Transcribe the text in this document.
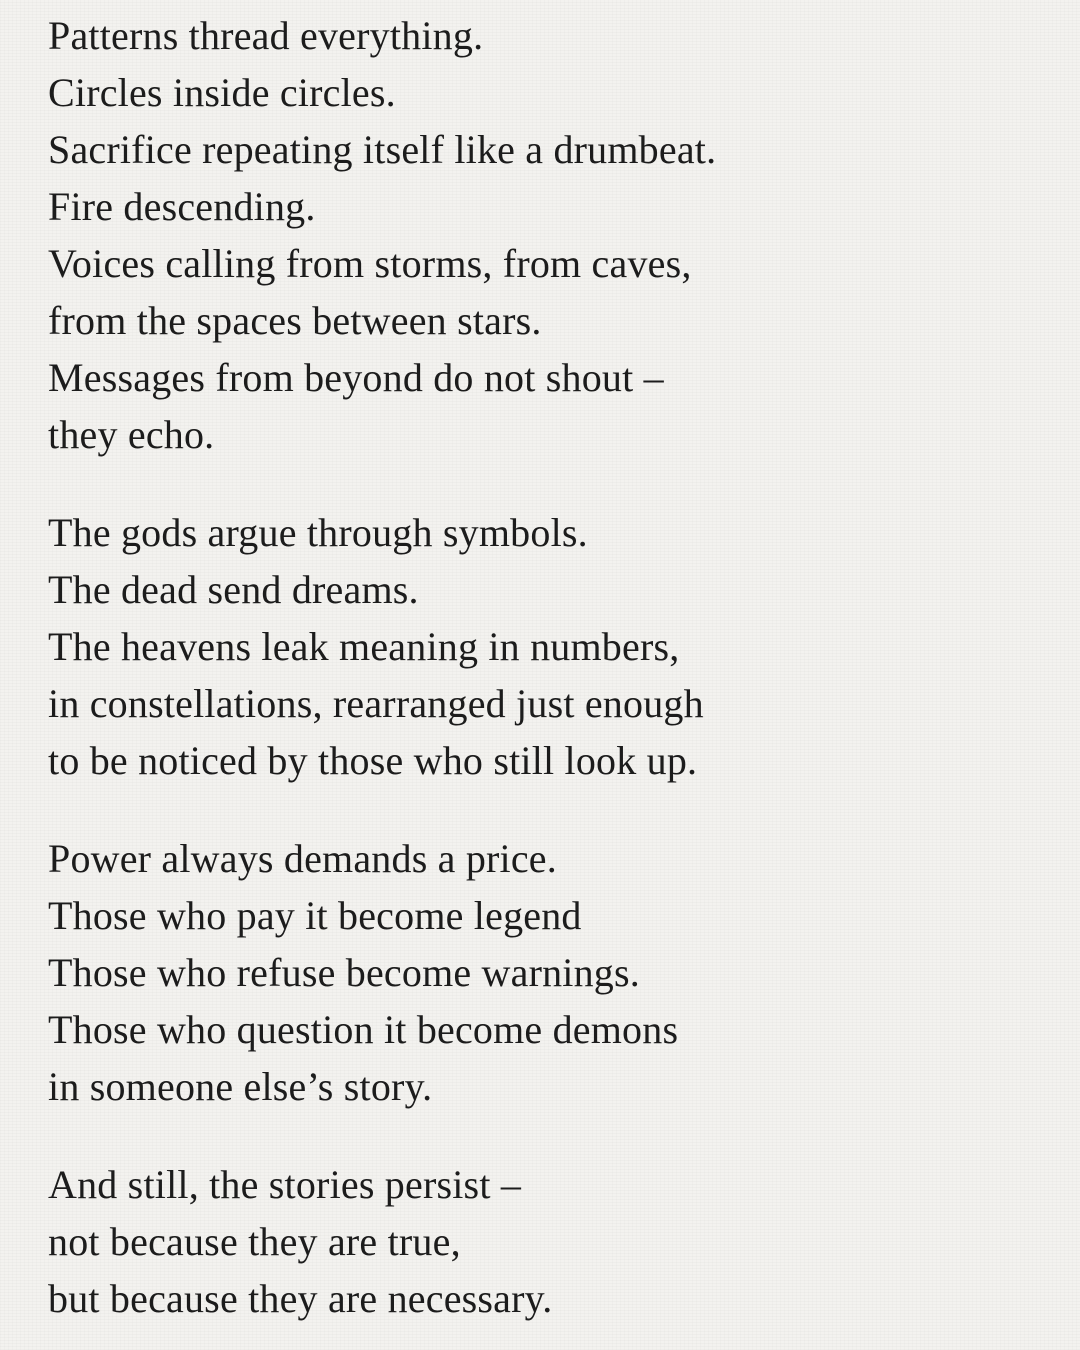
Patterns thread everything.
Circles inside circles.
Sacrifice repeating itself like a drumbeat.
Fire descending.
Voices calling from storms, from caves,
from the spaces between stars.
Messages from beyond do not shout –
they echo.
The gods argue through symbols.
The dead send dreams.
The heavens leak meaning in numbers,
in constellations, rearranged just enough
to be noticed by those who still look up.
Power always demands a price.
Those who pay it become legend
Those who refuse become warnings.
Those who question it become demons
in someone else’s story.
And still, the stories persist –
not because they are true,
but because they are necessary.
